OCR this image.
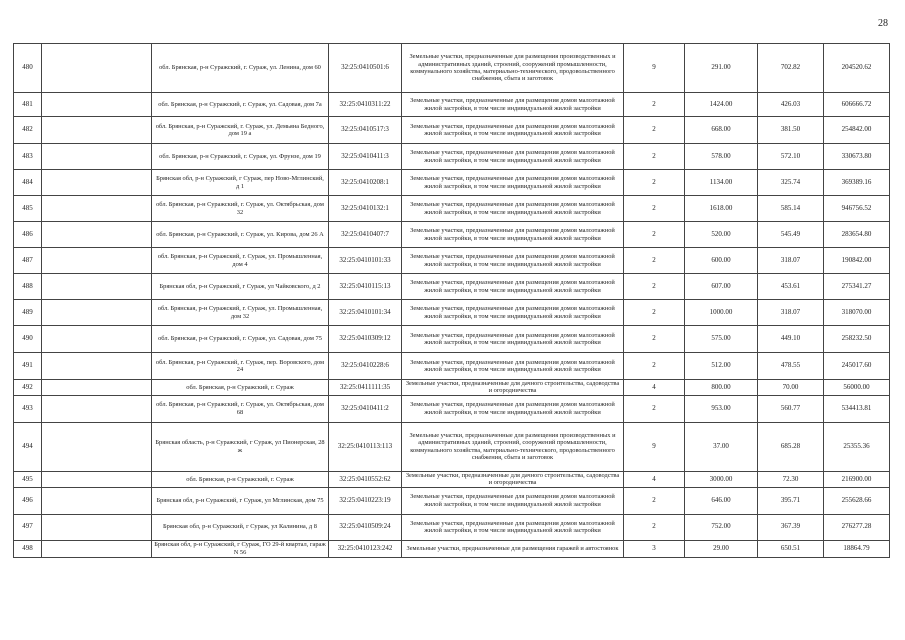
28
480		обл. Брянская, р-н Суражский, г. Сураж, ул. Ленина, дом 60	32:25:0410501:6	Земельные участки, предназначенные для размещения производственных и административных зданий, строений, сооружений промышленности, коммунального хозяйства, материально-технического, продовольственного снабжения, сбыта и заготовок	9	291.00	702.82	204520.62
481		обл. Брянская, р-н Суражский, г. Сураж, ул. Садовая, дом 7а	32:25:0410311:22	Земельные участки, предназначенные для размещения домов малоэтажной жилой застройки, в том числе индивидуальной жилой застройки	2	1424.00	426.03	606666.72
482		обл. Брянская, р-н Суражский, г. Сураж, ул. Демьяна Бедного, дом 19 а	32:25:0410517:3	Земельные участки, предназначенные для размещения домов малоэтажной жилой застройки, в том числе индивидуальной жилой застройки	2	668.00	381.50	254842.00
483		обл. Брянская, р-н Суражский, г. Сураж, ул. Фрунзе, дом 19	32:25:0410411:3	Земельные участки, предназначенные для размещения домов малоэтажной жилой застройки, в том числе индивидуальной жилой застройки	2	578.00	572.10	330673.80
484		Брянская обл, р-н Суражский, г Сураж, пер Ново-Мглинский, д 1	32:25:0410208:1	Земельные участки, предназначенные для размещения домов малоэтажной жилой застройки, в том числе индивидуальной жилой застройки	2	1134.00	325.74	369389.16
485		обл. Брянская, р-н Суражский, г. Сураж, ул. Октябрьская, дом 32	32:25:0410132:1	Земельные участки, предназначенные для размещения домов малоэтажной жилой застройки, в том числе индивидуальной жилой застройки	2	1618.00	585.14	946756.52
486		обл. Брянская, р-н Суражский, г. Сураж, ул. Кирова, дом 26 А	32:25:0410407:7	Земельные участки, предназначенные для размещения домов малоэтажной жилой застройки, в том числе индивидуальной жилой застройки	2	520.00	545.49	283654.80
487		обл. Брянская, р-н Суражский, г. Сураж, ул. Промышленная, дом 4	32:25:0410101:33	Земельные участки, предназначенные для размещения домов малоэтажной жилой застройки, в том числе индивидуальной жилой застройки	2	600.00	318.07	190842.00
488		Брянская обл, р-н Суражский, г Сураж, ул Чайковского, д 2	32:25:0410115:13	Земельные участки, предназначенные для размещения домов малоэтажной жилой застройки, в том числе индивидуальной жилой застройки	2	607.00	453.61	275341.27
489		обл. Брянская, р-н Суражский, г. Сураж, ул. Промышленная, дом 32	32:25:0410101:34	Земельные участки, предназначенные для размещения домов малоэтажной жилой застройки, в том числе индивидуальной жилой застройки	2	1000.00	318.07	318070.00
490		обл. Брянская, р-н Суражский, г. Сураж, ул. Садовая, дом 75	32:25:0410309:12	Земельные участки, предназначенные для размещения домов малоэтажной жилой застройки, в том числе индивидуальной жилой застройки	2	575.00	449.10	258232.50
491		обл. Брянская, р-н Суражский, г. Сураж, пер. Воровского, дом 24	32:25:0410228:6	Земельные участки, предназначенные для размещения домов малоэтажной жилой застройки, в том числе индивидуальной жилой застройки	2	512.00	478.55	245017.60
492		обл. Брянская, р-н Суражский, г. Сураж	32:25:0411111:35	Земельные участки, предназначенные для дачного строительства, садоводства и огородничества	4	800.00	70.00	56000.00
493		обл. Брянская, р-н Суражский, г. Сураж, ул. Октябрьская, дом 68	32:25:0410411:2	Земельные участки, предназначенные для размещения домов малоэтажной жилой застройки, в том числе индивидуальной жилой застройки	2	953.00	560.77	534413.81
494		Брянская область, р-н Суражский, г Сураж, ул Пионерская, 28 ж	32:25:0410113:113	Земельные участки, предназначенные для размещения производственных и административных зданий, строений, сооружений промышленности, коммунального хозяйства, материально-технического, продовольственного снабжения, сбыта и заготовок	9	37.00	685.28	25355.36
495		обл. Брянская, р-н Суражский, г. Сураж	32:25:0410552:62	Земельные участки, предназначенные для дачного строительства, садоводства и огородничества	4	3000.00	72.30	216900.00
496		Брянская обл, р-н Суражский, г Сураж, ул Мглинская, дом 75	32:25:0410223:19	Земельные участки, предназначенные для размещения домов малоэтажной жилой застройки, в том числе индивидуальной жилой застройки	2	646.00	395.71	255628.66
497		Брянская обл, р-н Суражский, г Сураж, ул Калинина, д 8	32:25:0410509:24	Земельные участки, предназначенные для размещения домов малоэтажной жилой застройки, в том числе индивидуальной жилой застройки	2	752.00	367.39	276277.28
498		Брянская обл, р-н Суражский, г Сураж, ГО 29-й квартал, гараж N 56	32:25:0410123:242	Земельные участки, предназначенные для размещения гаражей и автостоянок	3	29.00	650.51	18864.79
